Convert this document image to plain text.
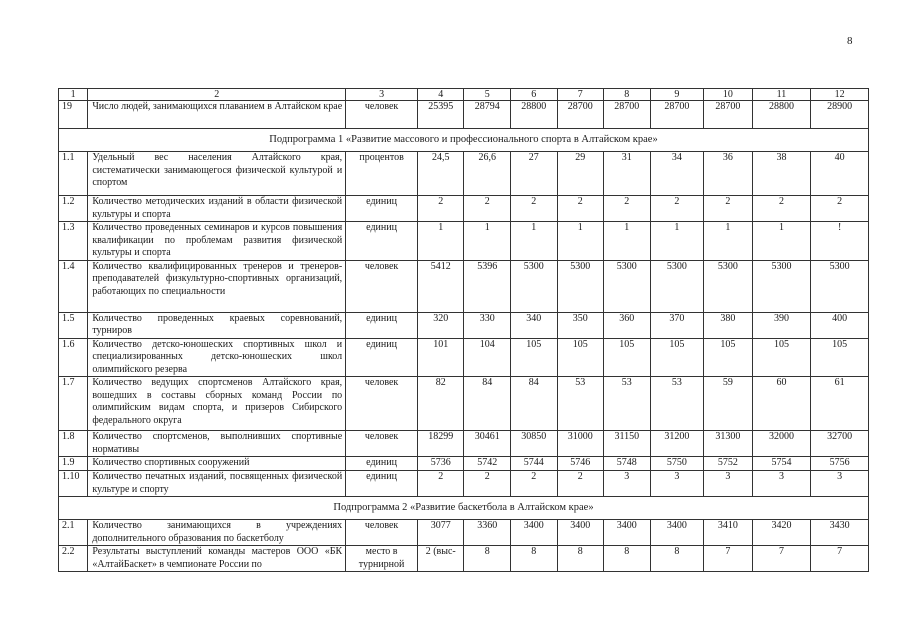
8
1	2	3	4	5	6	7	8	9	10	11	12
19	Число людей, занимающихся плаванием в Алтайском крае	человек	25395	28794	28800	28700	28700	28700	28700	28800	28900
Подпрограмма 1 «Развитие массового и профессионального спорта в Алтайском крае»											
1.1	Удельный вес населения Алтайского края, систематически занимающегося физической культурой и спортом	процентов	24,5	26,6	27	29	31	34	36	38	40
1.2	Количество методических изданий в области физической культуры и спорта	единиц	2	2	2	2	2	2	2	2	2
1.3	Количество проведенных семинаров и курсов повышения квалификации по проблемам развития физической культуры и спорта	единиц	1	1	1	1	1	1	1	1	!
1.4	Количество квалифицированных тренеров и тренеров-преподавателей физкультурно-спортивных организаций, работающих по специальности	человек	5412	5396	5300	5300	5300	5300	5300	5300	5300
1.5	Количество проведенных краевых соревнований, турниров	единиц	320	330	340	350	360	370	380	390	400
1.6	Количество детско-юношеских спортивных школ и специализированных детско-юношеских школ олимпийского резерва	единиц	101	104	105	105	105	105	105	105	105
1.7	Количество ведущих спортсменов Алтайского края, вошедших в составы сборных команд России по олимпийским видам спорта, и призеров Сибирского федерального округа	человек	82	84	84	53	53	53	59	60	61
1.8	Количество спортсменов, выполнивших спортивные нормативы	человек	18299	30461	30850	31000	31150	31200	31300	32000	32700
1.9	Количество спортивных сооружений	единиц	5736	5742	5744	5746	5748	5750	5752	5754	5756
1.10	Количество печатных изданий, посвященных физической культуре и спорту	единиц	2	2	2	2	3	3	3	3	3
Подпрограмма 2 «Развитие баскетбола в Алтайском крае»											
2.1	Количество занимающихся в учреждениях дополнительного образования по баскетболу	человек	3077	3360	3400	3400	3400	3400	3410	3420	3430
2.2	Результаты выступлений команды мастеров ООО «БК «АлтайБаскет» в чемпионате России по	место в турнирной	2 (выс-	8	8	8	8	8	7	7	7
